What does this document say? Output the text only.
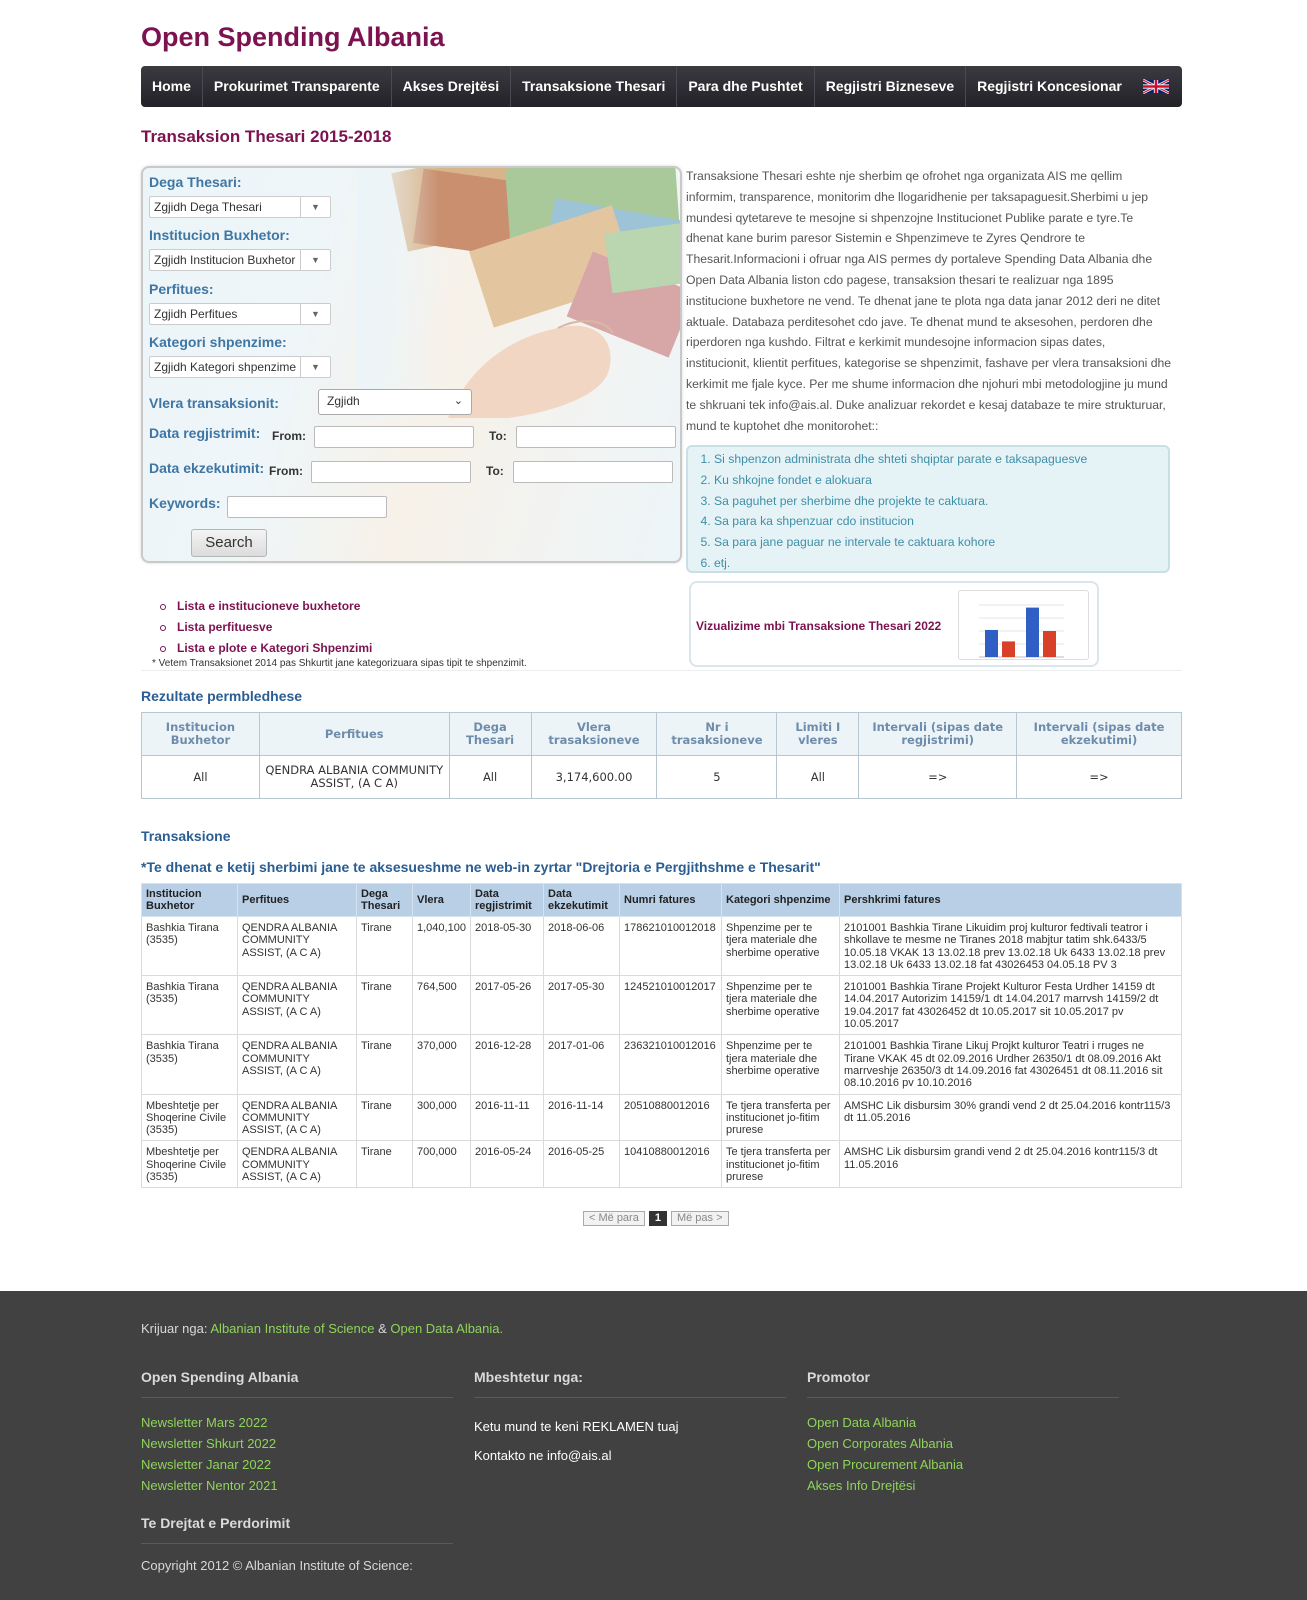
Open Spending Albania
Home	Prokurimet Transparente	Akses Drejtësi	Transaksione Thesari	Para dhe Pushtet	Regjistri Bizneseve	Regjistri Koncesionar
Transaksion Thesari 2015-2018
Dega Thesari:
Zgjidh Dega Thesari	▼
Institucion Buxhetor:
Zgjidh Institucion Buxhetor	▼
Perfitues:
Zgjidh Perfitues	▼
Kategori shpenzime:
Zgjidh Kategori shpenzime	▼
Vlera transaksionit:	Zgjidh	⌄
Data regjistrimit: From:	To:
Data ekzekutimit: From:	To:
Keywords:
Search
Transaksione Thesari eshte nje sherbim qe ofrohet nga organizata AIS me qellim informim, transparence, monitorim dhe llogaridhenie per taksapaguesit.Sherbimi u jep mundesi qytetareve te mesojne si shpenzojne Institucionet Publike parate e tyre.Te dhenat kane burim paresor Sistemin e Shpenzimeve te Zyres Qendrore te Thesarit.Informacioni i ofruar nga AIS permes dy portaleve Spending Data Albania dhe Open Data Albania liston cdo pagese, transaksion thesari te realizuar nga 1895 institucione buxhetore ne vend. Te dhenat jane te plota nga data janar 2012 deri ne ditet aktuale. Databaza perditesohet cdo jave. Te dhenat mund te aksesohen, perdoren dhe riperdoren nga kushdo. Filtrat e kerkimit mundesojne informacion sipas dates, institucionit, klientit perfitues, kategorise se shpenzimit, fashave per vlera transaksioni dhe kerkimit me fjale kyce. Per me shume informacion dhe njohuri mbi metodologjine ju mund te shkruani tek info@ais.al. Duke analizuar rekordet e kesaj databaze te mire strukturuar, mund te kuptohet dhe monitorohet::
1. Si shpenzon administrata dhe shteti shqiptar parate e taksapaguesve
2. Ku shkojne fondet e alokuara
3. Sa paguhet per sherbime dhe projekte te caktuara.
4. Sa para ka shpenzuar cdo institucion
5. Sa para jane paguar ne intervale te caktuara kohore
6. etj.
Lista e institucioneve buxhetore
Lista perfituesve
Lista e plote e Kategori Shpenzimi
* Vetem Transaksionet 2014 pas Shkurtit jane kategorizuara sipas tipit te shpenzimit.
Vizualizime mbi Transaksione Thesari 2022
Rezultate permbledhese
Institucion Buxhetor	Perfitues	Dega Thesari	Vlera trasaksioneve	Nr i trasaksioneve	Limiti I vleres	Intervali (sipas date regjistrimi)	Intervali (sipas date ekzekutimi)
All	QENDRA ALBANIA COMMUNITY ASSIST, (A C A)	All	3,174,600.00	5	All	=>	=>
Transaksione
*Te dhenat e ketij sherbimi jane te aksesueshme ne web-in zyrtar "Drejtoria e Pergjithshme e Thesarit"
Institucion Buxhetor	Perfitues	Dega Thesari	Vlera	Data regjistrimit	Data ekzekutimit	Numri fatures	Kategori shpenzime	Pershkrimi fatures
Bashkia Tirana (3535)	QENDRA ALBANIA COMMUNITY ASSIST, (A C A)	Tirane	1,040,100	2018-05-30	2018-06-06	178621010012018	Shpenzime per te tjera materiale dhe sherbime operative	2101001 Bashkia Tirane Likuidim proj kulturor fedtivali teatror i shkollave te mesme ne Tiranes 2018 mabjtur tatim shk.6433/5 10.05.18 VKAK 13 13.02.18 prev 13.02.18 Uk 6433 13.02.18 prev 13.02.18 Uk 6433 13.02.18 fat 43026453 04.05.18 PV 3
Bashkia Tirana (3535)	QENDRA ALBANIA COMMUNITY ASSIST, (A C A)	Tirane	764,500	2017-05-26	2017-05-30	124521010012017	Shpenzime per te tjera materiale dhe sherbime operative	2101001 Bashkia Tirane Projekt Kulturor Festa Urdher 14159 dt 14.04.2017 Autorizim 14159/1 dt 14.04.2017 marrvsh 14159/2 dt 19.04.2017 fat 43026452 dt 10.05.2017 sit 10.05.2017 pv 10.05.2017
Bashkia Tirana (3535)	QENDRA ALBANIA COMMUNITY ASSIST, (A C A)	Tirane	370,000	2016-12-28	2017-01-06	236321010012016	Shpenzime per te tjera materiale dhe sherbime operative	2101001 Bashkia Tirane Likuj Projkt kulturor Teatri i rruges ne Tirane VKAK 45 dt 02.09.2016 Urdher 26350/1 dt 08.09.2016 Akt marrveshje 26350/3 dt 14.09.2016 fat 43026451 dt 08.11.2016 sit 08.10.2016 pv 10.10.2016
Mbeshtetje per Shoqerine Civile (3535)	QENDRA ALBANIA COMMUNITY ASSIST, (A C A)	Tirane	300,000	2016-11-11	2016-11-14	20510880012016	Te tjera transferta per institucionet jo-fitim prurese	AMSHC Lik disbursim 30% grandi vend 2 dt 25.04.2016 kontr115/3 dt 11.05.2016
Mbeshtetje per Shoqerine Civile (3535)	QENDRA ALBANIA COMMUNITY ASSIST, (A C A)	Tirane	700,000	2016-05-24	2016-05-25	10410880012016	Te tjera transferta per institucionet jo-fitim prurese	AMSHC Lik disbursim grandi vend 2 dt 25.04.2016 kontr115/3 dt 11.05.2016
< Më para	1	Më pas >
Krijuar nga: Albanian Institute of Science & Open Data Albania.
Open Spending Albania
Newsletter Mars 2022
Newsletter Shkurt 2022
Newsletter Janar 2022
Newsletter Nentor 2021
Mbeshtetur nga:
Ketu mund te keni REKLAMEN tuaj
Kontakto ne info@ais.al
Promotor
Open Data Albania
Open Corporates Albania
Open Procurement Albania
Akses Info Drejtësi
Te Drejtat e Perdorimit
Copyright 2012 © Albanian Institute of Science:
